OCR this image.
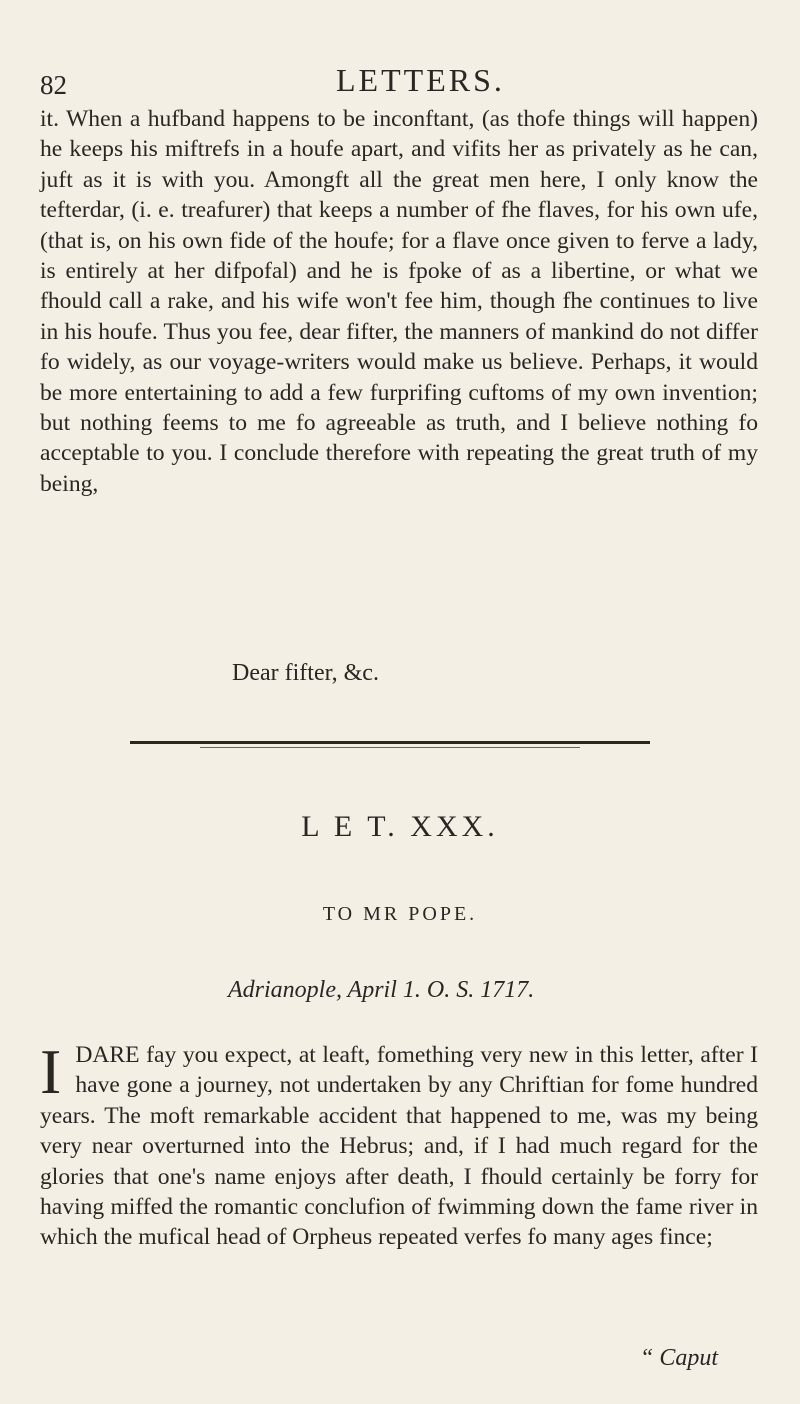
82	LETTERS.

it. When a hufband happens to be inconftant, (as thofe things will happen) he keeps his miftrefs in a houfe apart, and vifits her as privately as he can, juft as it is with you. Amongft all the great men here, I only know the tefterdar, (i. e. treafurer) that keeps a number of fhe flaves, for his own ufe, (that is, on his own fide of the houfe; for a flave once given to ferve a lady, is entirely at her difpofal) and he is fpoke of as a libertine, or what we fhould call a rake, and his wife won't fee him, though fhe continues to live in his houfe. Thus you fee, dear fifter, the manners of mankind do not differ fo widely, as our voyage-writers would make us believe. Perhaps, it would be more entertaining to add a few furprifing cuftoms of my own invention; but nothing feems to me fo agreeable as truth, and I believe nothing fo acceptable to you. I conclude therefore with repeating the great truth of my being,

Dear fifter, &c.
L E T. XXX.
TO MR POPE.
Adrianople, April 1. O. S. 1717.

I DARE fay you expect, at leaft, fomething very new in this letter, after I have gone a journey, not undertaken by any Chriftian for fome hundred years. The moft remarkable accident that happened to me, was my being very near overturned into the Hebrus; and, if I had much regard for the glories that one's name enjoys after death, I fhould certainly be forry for having miffed the romantic conclufion of fwimming down the fame river in which the mufical head of Orpheus repeated verfes fo many ages fince;

“ Caput
